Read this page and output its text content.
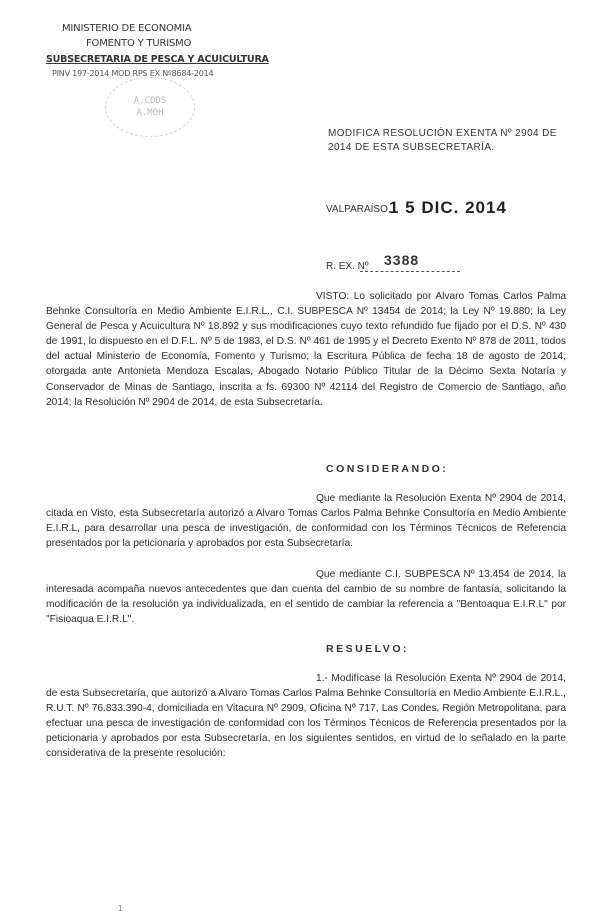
MINISTERIO DE ECONOMIA
FOMENTO Y TURISMO
SUBSECRETARIA DE PESCA Y ACUICULTURA
PINV 197-2014 MOD RPS EX Nº8684-2014
A.CODS
A.MOH
MODIFICA RESOLUCIÓN EXENTA Nº 2904 DE
2014 DE ESTA SUBSECRETARÍA.
VALPARAÍSO,
1 5 DIC. 2014
R. EX. Nº 3388
VISTO: Lo solicitado por Alvaro Tomas Carlos Palma Behnke Consultoría en Medio Ambiente E.I.R.L., C.I. SUBPESCA Nº 13454 de 2014; la Ley Nº 19.880; la Ley General de Pesca y Acuicultura Nº 18.892 y sus modificaciones cuyo texto refundido fue fijado por el D.S. Nº 430 de 1991, lo dispuesto en el D.F.L. Nº 5 de 1983, el D.S. Nº 461 de 1995 y el Decreto Exento Nº 878 de 2011, todos del actual Ministerio de Economía, Fomento y Turismo; la Escritura Pública de fecha 18 de agosto de 2014, otorgada ante Antonieta Mendoza Escalas, Abogado Notario Público Titular de la Décimo Sexta Notaría y Conservador de Minas de Santiago, inscrita a fs. 69300 Nº 42114 del Registro de Comercio de Santiago, año 2014; la Resolución Nº 2904 de 2014, de esta Subsecretaría.
CONSIDERANDO:
Que mediante la Resolución Exenta Nº 2904 de 2014, citada en Visto, esta Subsecretaría autorizó a Alvaro Tomas Carlos Palma Behnke Consultoría en Medio Ambiente E.I.R.L, para desarrollar una pesca de investigación, de conformidad con los Términos Técnicos de Referencia presentados por la peticionaria y aprobados por esta Subsecretaría.
Que mediante C.I. SUBPESCA Nº 13.454 de 2014, la interesada acompaña nuevos antecedentes que dan cuenta del cambio de su nombre de fantasía, solicitando la modificación de la resolución ya individualizada, en el sentido de cambiar la referencia a "Bentoaqua E.I.R.L" por "Fisioaqua E.I.R.L".
RESUELVO:
1.- Modifícase la Resolución Exenta Nº 2904 de 2014, de esta Subsecretaría, que autorizó a Alvaro Tomas Carlos Palma Behnke Consultoría en Medio Ambiente E.I.R.L., R.U.T. Nº 76.833.390-4, domiciliada en Vitacura Nº 2909, Oficina Nº 717, Las Condes, Región Metropolitana, para efectuar una pesca de investigación de conformidad con los Términos Técnicos de Referencia presentados por la peticionaria y aprobados por esta Subsecretaría, en los siguientes sentidos, en virtud de lo señalado en la parte considerativa de la presente resolución:
1
